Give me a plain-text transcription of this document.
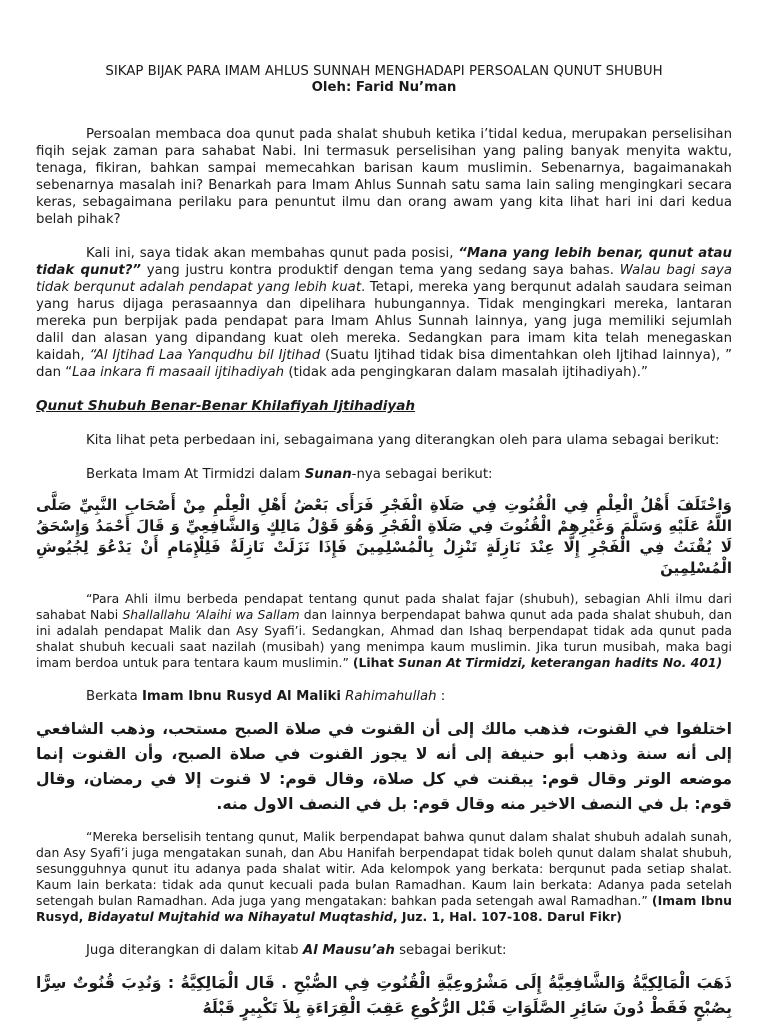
SIKAP BIJAK PARA IMAM AHLUS SUNNAH MENGHADAPI PERSOALAN QUNUT SHUBUH
Oleh: Farid Nu’man

Persoalan membaca doa qunut pada shalat shubuh ketika i’tidal kedua, merupakan perselisihan fiqih sejak zaman para sahabat Nabi. Ini termasuk perselisihan yang paling banyak menyita waktu, tenaga, fikiran, bahkan sampai memecahkan barisan kaum muslimin. Sebenarnya, bagaimanakah sebenarnya masalah ini? Benarkah para Imam Ahlus Sunnah satu sama lain saling mengingkari secara keras, sebagaimana perilaku para penuntut ilmu dan orang awam yang kita lihat hari ini dari kedua belah pihak?

Kali ini, saya tidak akan membahas qunut pada posisi, “Mana yang lebih benar, qunut atau tidak qunut?” yang justru kontra produktif dengan tema yang sedang saya bahas. Walau bagi saya tidak berqunut adalah pendapat yang lebih kuat. Tetapi, mereka yang berqunut adalah saudara seiman yang harus dijaga perasaannya dan dipelihara hubungannya. Tidak mengingkari mereka, lantaran mereka pun berpijak pada pendapat para Imam Ahlus Sunnah lainnya, yang juga memiliki sejumlah dalil dan alasan yang dipandang kuat oleh mereka. Sedangkan para imam kita telah menegaskan kaidah, “Al Ijtihad Laa Yanqudhu bil Ijtihad (Suatu Ijtihad tidak bisa dimentahkan oleh Ijtihad lainnya), ” dan “Laa inkara fi masaail ijtihadiyah (tidak ada pengingkaran dalam masalah ijtihadiyah).”

Qunut Shubuh Benar-Benar Khilafiyah Ijtihadiyah

Kita lihat peta perbedaan ini, sebagaimana yang diterangkan oleh para ulama sebagai berikut:

Berkata Imam At Tirmidzi dalam Sunan-nya sebagai berikut:

وَاخْتَلَفَ أَهْلُ الْعِلْمِ فِي الْقُنُوتِ فِي صَلَاةِ الْفَجْرِ فَرَأَى بَعْضُ أَهْلِ الْعِلْمِ مِنْ أَصْحَابِ النَّبِيِّ صَلَّى اللَّهُ عَلَيْهِ وَسَلَّمَ وَغَيْرِهِمْ الْقُنُوتَ فِي صَلَاةِ الْفَجْرِ وَهُوَ قَوْلُ مَالِكٍ وَالشَّافِعِيِّ وَ قَالَ أَحْمَدُ وَإِسْحَقُ لَا يُقْنَتُ فِي الْفَجْرِ إِلَّا عِنْدَ نَازِلَةٍ تَنْزِلُ بِالْمُسْلِمِينَ فَإِذَا نَزَلَتْ نَازِلَةٌ فَلِلْإِمَامِ أَنْ يَدْعُوَ لِجُيُوشِ الْمُسْلِمِينَ

“Para Ahli ilmu berbeda pendapat tentang qunut pada shalat fajar (shubuh), sebagian Ahli ilmu dari sahabat Nabi Shallallahu ‘Alaihi wa Sallam dan lainnya berpendapat bahwa qunut ada pada shalat shubuh, dan ini adalah pendapat Malik dan Asy Syafi’i. Sedangkan, Ahmad dan Ishaq berpendapat tidak ada qunut pada shalat shubuh kecuali saat nazilah (musibah) yang menimpa kaum muslimin. Jika turun musibah, maka bagi imam berdoa untuk para tentara kaum muslimin.” (Lihat Sunan At Tirmidzi, keterangan hadits No. 401)

Berkata Imam Ibnu Rusyd Al Maliki Rahimahullah :

اختلفوا في القنوت، فذهب مالك إلى أن القنوت في صلاة الصبح مستحب، وذهب الشافعي إلى أنه سنة وذهب أبو حنيفة إلى أنه لا يجوز القنوت في صلاة الصبح، وأن القنوت إنما موضعه الوتر وقال قوم: يبقنت في كل صلاة، وقال قوم: لا قنوت إلا في رمضان، وقال قوم: بل في النصف الاخير منه وقال قوم: بل في النصف الاول منه.

“Mereka berselisih tentang qunut, Malik berpendapat bahwa qunut dalam shalat shubuh adalah sunah, dan Asy Syafi’i juga mengatakan sunah, dan Abu Hanifah berpendapat tidak boleh qunut dalam shalat shubuh, sesungguhnya qunut itu adanya pada shalat witir. Ada kelompok yang berkata: berqunut pada setiap shalat. Kaum lain berkata: tidak ada qunut kecuali pada bulan Ramadhan. Kaum lain berkata: Adanya pada setelah setengah bulan Ramadhan. Ada juga yang mengatakan: bahkan pada setengah awal Ramadhan.” (Imam Ibnu Rusyd, Bidayatul Mujtahid wa Nihayatul Muqtashid, Juz. 1, Hal. 107-108. Darul Fikr)

Juga diterangkan di dalam kitab Al Mausu’ah sebagai berikut:

ذَهَبَ الْمَالِكِيَّةُ وَالشَّافِعِيَّةُ إِلَى مَشْرُوعِيَّةِ الْقُنُوتِ فِي الصُّبْحِ . قَال الْمَالِكِيَّةُ : وَنُدِبَ قُنُوتٌ سِرًّا بِصُبْحٍ فَقَطْ دُونَ سَائِرِ الصَّلَوَاتِ قَبْل الرُّكُوعِ عَقِبَ الْقِرَاءَةِ بِلاَ تَكْبِيرٍ قَبْلَهُ
